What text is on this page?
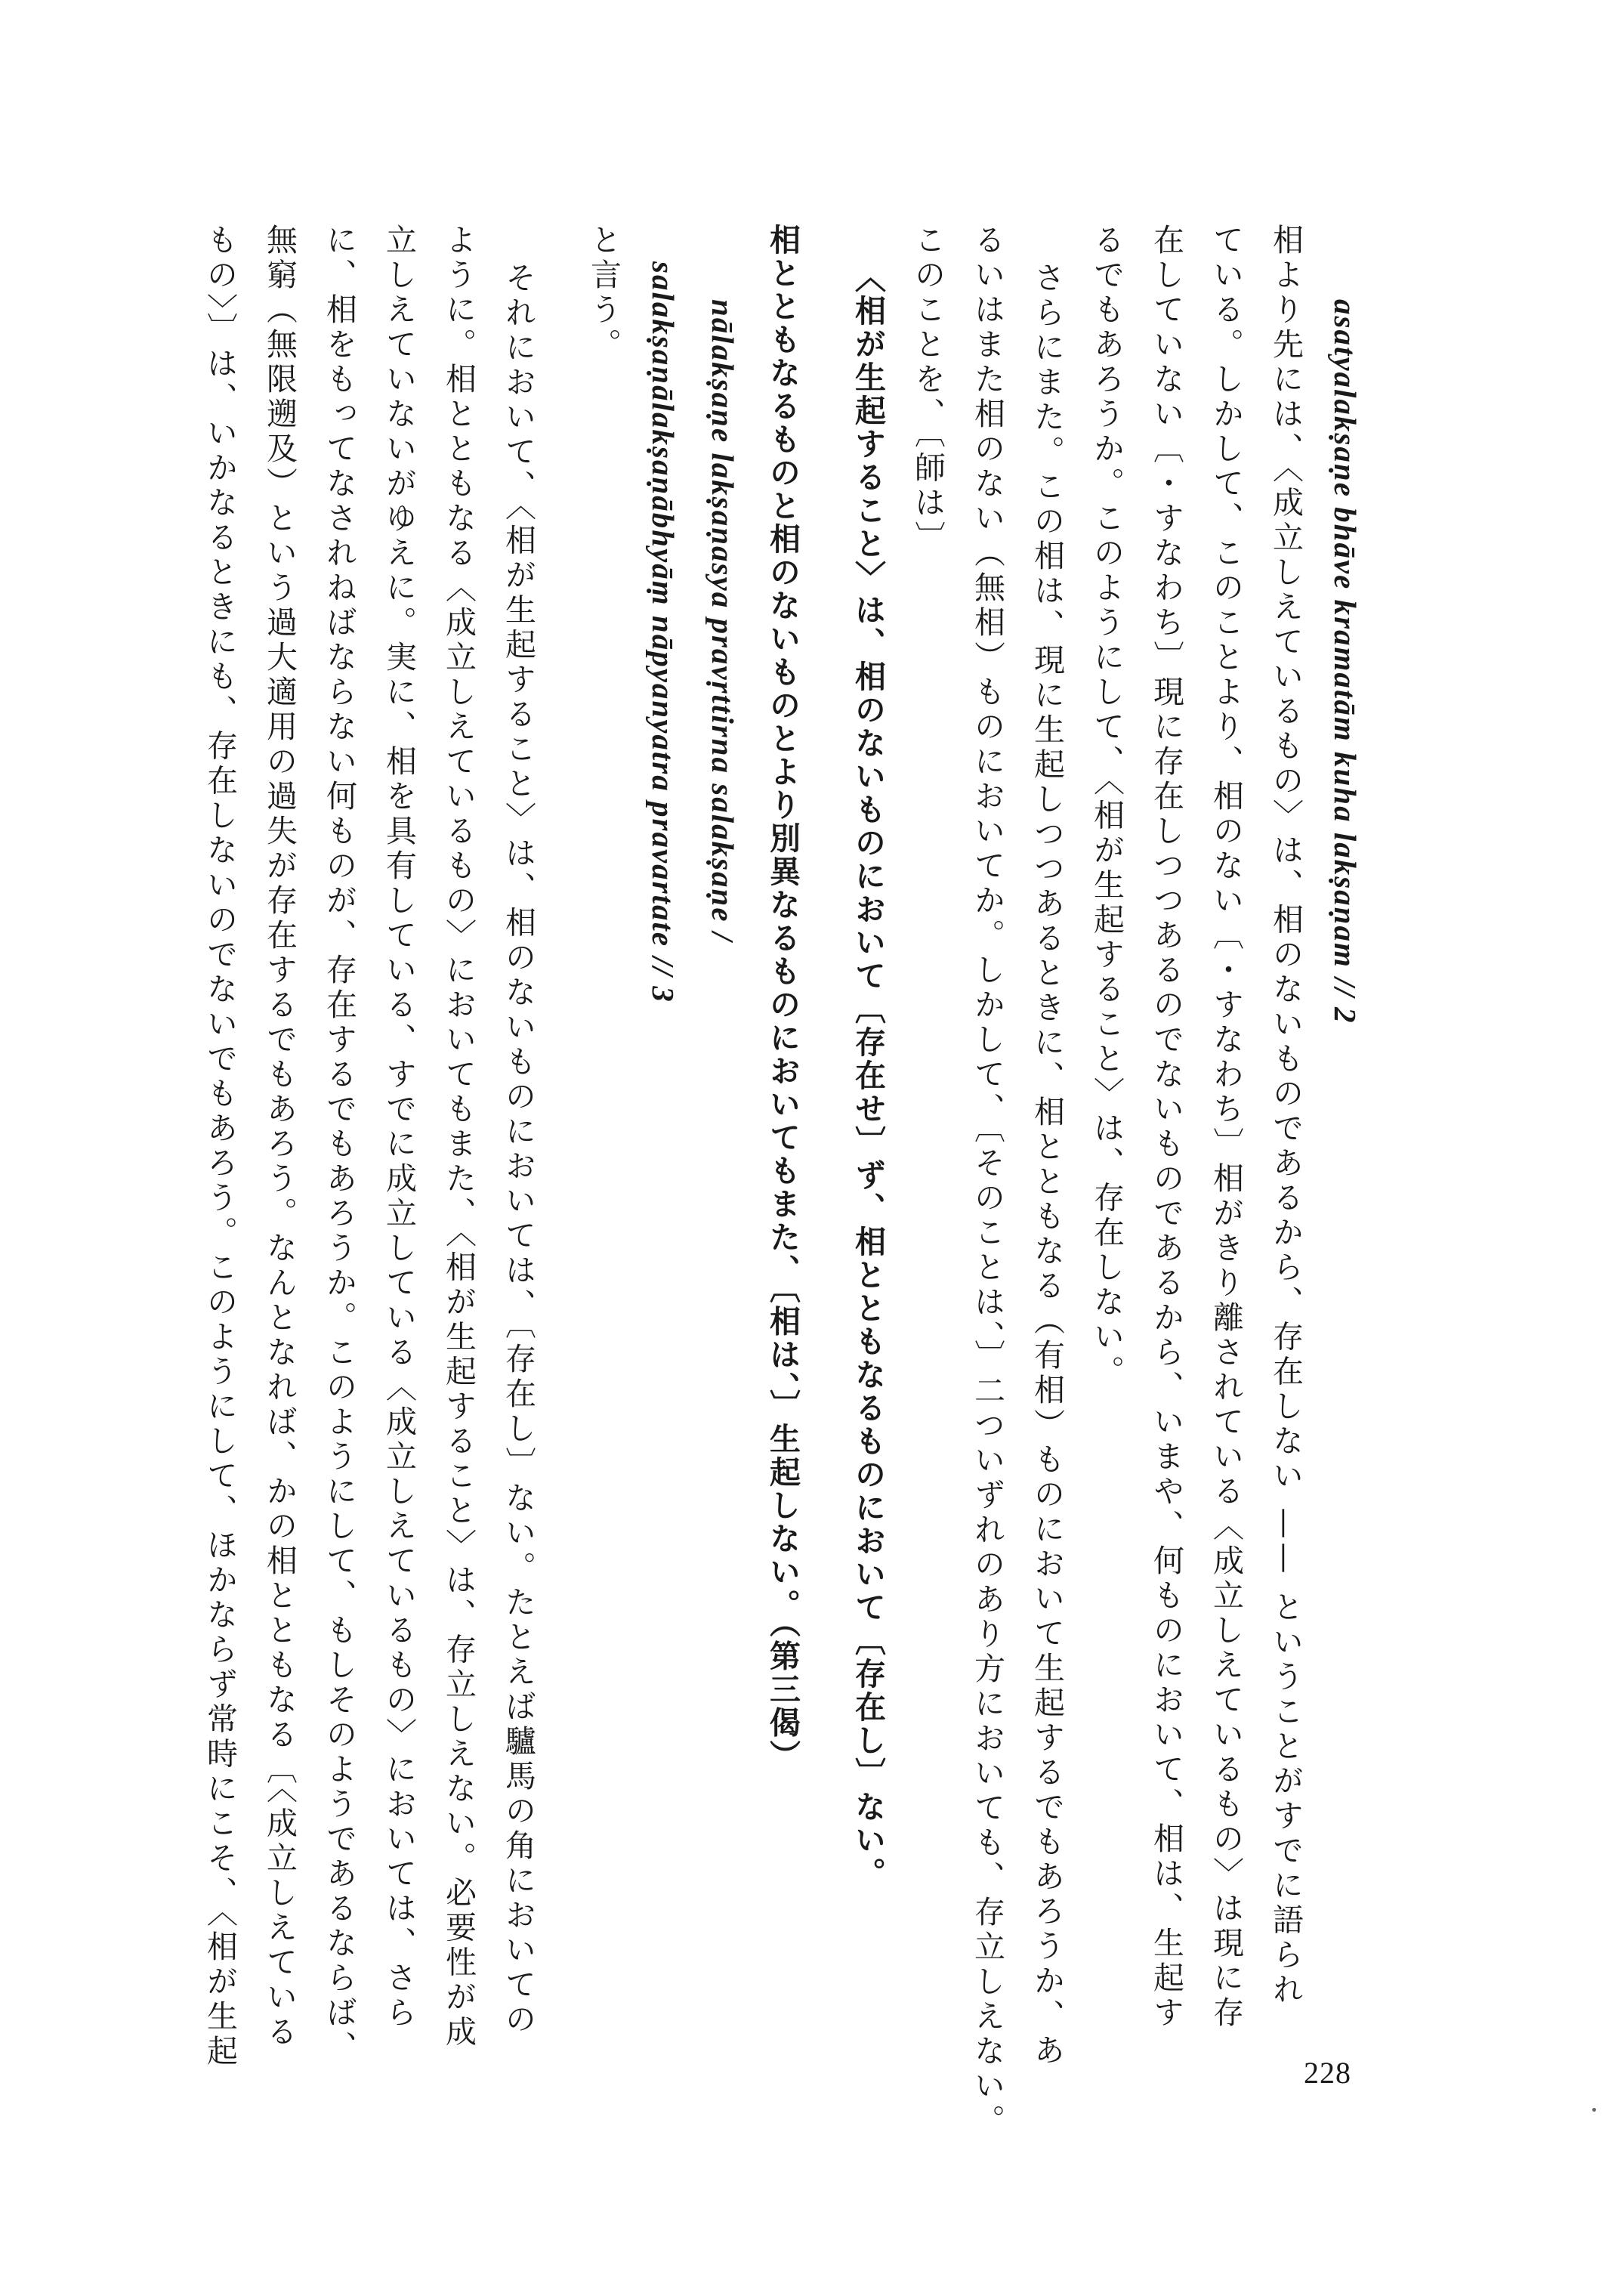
228
asatyalakṣaṇe bhāve kramatām kuha lakṣaṇam // 2
相より先には、〈成立しえているもの〉は、相のないものであるから、存在しない —— ということがすでに語られ
ている。しかして、このことより、相のない〔・すなわち〕相がきり離されている〈成立しえているもの〉は現に存
在していない〔・すなわち〕現に存在しつつあるのでないものであるから、いまや、何ものにおいて、相は、生起す
るでもあろうか。このようにして、〈相が生起すること〉は、存在しない。
さらにまた。この相は、現に生起しつつあるときに、相とともなる（有相）ものにおいて生起するでもあろうか、あ
るいはまた相のない（無相）ものにおいてか。しかして、〔そのことは、〕二ついずれのあり方においても、存立しえない。
このことを、〔師は〕
〈相が生起すること〉は、相のないものにおいて〔存在せ〕ず、相とともなるものにおいて〔存在し〕ない。
相とともなるものと相のないものとより別異なるものにおいてもまた、〔相は、〕生起しない。（第三偈）
nālakṣaṇe lakṣaṇasya pravṛttirna salakṣaṇe /
salakṣaṇālakṣaṇābhyāṃ nāpyanyatra pravartate // 3
と言う。
それにおいて、〈相が生起すること〉は、相のないものにおいては、〔存在し〕ない。たとえば驢馬の角においての
ように。相とともなる〈成立しえているもの〉においてもまた、〈相が生起すること〉は、存立しえない。必要性が成
立しえていないがゆえに。実に、相を具有している、すでに成立している〈成立しえているもの〉においては、さら
に、相をもってなされねばならない何ものが、存在するでもあろうか。このようにして、もしそのようであるならば、
無窮（無限遡及）という過大適用の過失が存在するでもあろう。なんとなれば、かの相とともなる〔〈成立しえている
もの〉〕は、いかなるときにも、存在しないのでないでもあろう。このようにして、ほかならず常時にこそ、〈相が生起
